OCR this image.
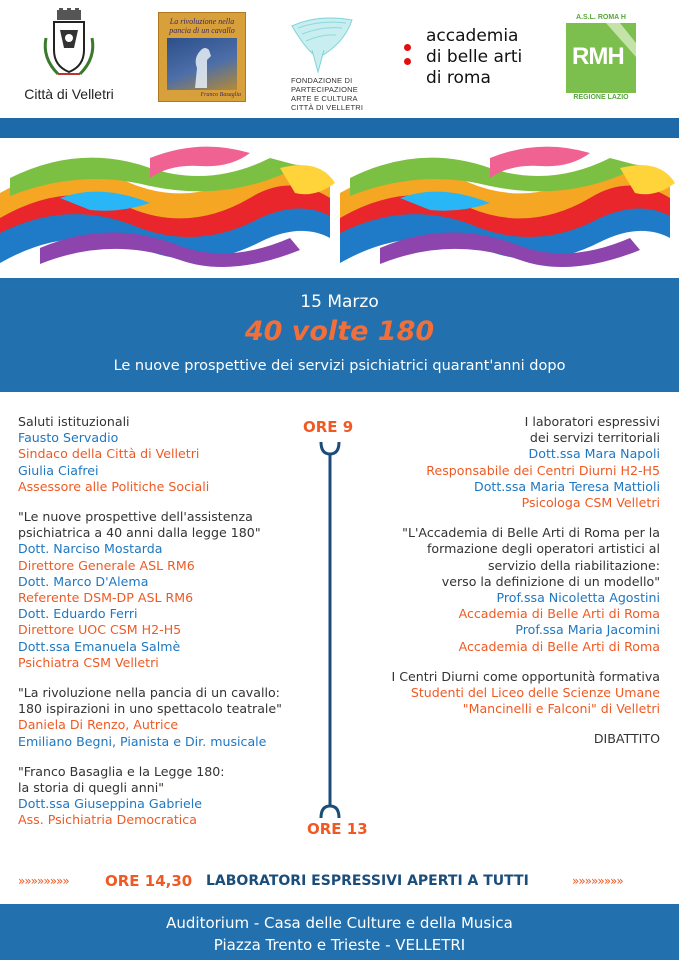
Città di Velletri
La rivoluzione nella pancia di un cavallo
Franco Basaglia
FONDAZIONE DI
PARTECIPAZIONE
ARTE E CULTURA
CITTÀ DI VELLETRI
accademia
di belle arti
di roma
A.S.L. ROMA H
RMH
REGIONE LAZIO
15 Marzo
40 volte 180
Le nuove prospettive dei servizi psichiatrici quarant'anni dopo
ORE 9
ORE 13
Saluti istituzionali
Fausto Servadio
Sindaco della Città di Velletri
Giulia Ciafrei
Assessore alle Politiche Sociali
"Le nuove prospettive dell'assistenza
psichiatrica a 40 anni dalla legge 180"
Dott. Narciso Mostarda
Direttore Generale ASL RM6
Dott. Marco D'Alema
Referente DSM-DP ASL RM6
Dott. Eduardo Ferri
Direttore UOC CSM H2-H5
Dott.ssa Emanuela Salmè
Psichiatra CSM Velletri
"La rivoluzione nella pancia di un cavallo:
180 ispirazioni in uno spettacolo teatrale"
Daniela Di Renzo, Autrice
Emiliano Begni, Pianista e Dir. musicale
"Franco Basaglia e la Legge 180:
la storia di quegli anni"
Dott.ssa Giuseppina Gabriele
Ass. Psichiatria Democratica
I laboratori espressivi
dei servizi territoriali
Dott.ssa Mara Napoli
Responsabile dei Centri Diurni H2-H5
Dott.ssa Maria Teresa Mattioli
Psicologa CSM Velletri
"L'Accademia di Belle Arti di Roma per la
formazione degli operatori artistici al
servizio della riabilitazione:
verso la definizione di un modello"
Prof.ssa Nicoletta Agostini
Accademia di Belle Arti di Roma
Prof.ssa Maria Jacomini
Accademia di Belle Arti di Roma
I Centri Diurni come opportunità formativa
Studenti del Liceo delle Scienze Umane
"Mancinelli e Falconi" di Velletri
DIBATTITO
»»»»»»»» ORE 14,30 LABORATORI ESPRESSIVI APERTI A TUTTI	»»»»»»»»
Auditorium - Casa delle Culture e della Musica
Piazza Trento e Trieste - VELLETRI
